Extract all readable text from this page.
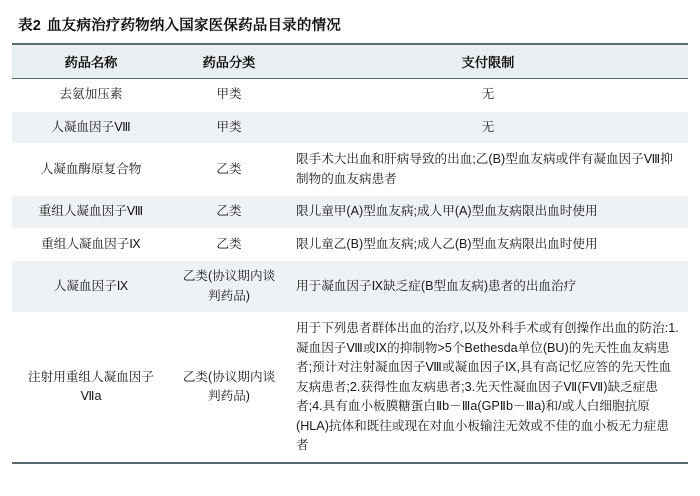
表2 血友病治疗药物纳入国家医保药品目录的情况
药品名称	药品分类	支付限制
去氨加压素	甲类	无
人凝血因子Ⅷ	甲类	无
人凝血酶原复合物	乙类	限手术大出血和肝病导致的出血;乙(B)型血友病或伴有凝血因子Ⅷ抑制物的血友病患者
重组人凝血因子Ⅷ	乙类	限儿童甲(A)型血友病;成人甲(A)型血友病限出血时使用
重组人凝血因子Ⅸ	乙类	限儿童乙(B)型血友病;成人乙(B)型血友病限出血时使用
人凝血因子Ⅸ	乙类(协议期内谈判药品)	用于凝血因子Ⅸ缺乏症(B型血友病)患者的出血治疗
注射用重组人凝血因子Ⅶa	乙类(协议期内谈判药品)	用于下列患者群体出血的治疗,以及外科手术或有创操作出血的防治:1.凝血因子Ⅷ或Ⅸ的抑制物>5个Bethesda单位(BU)的先天性血友病患者;预计对注射凝血因子Ⅷ或凝血因子Ⅸ,具有高记忆应答的先天性血友病患者;2.获得性血友病患者;3.先天性凝血因子Ⅶ(FⅦ)缺乏症患者;4.具有血小板膜糖蛋白Ⅱb－Ⅲa(GPⅡb－Ⅲa)和/或人白细胞抗原(HLA)抗体和既往或现在对血小板输注无效或不佳的血小板无力症患者
